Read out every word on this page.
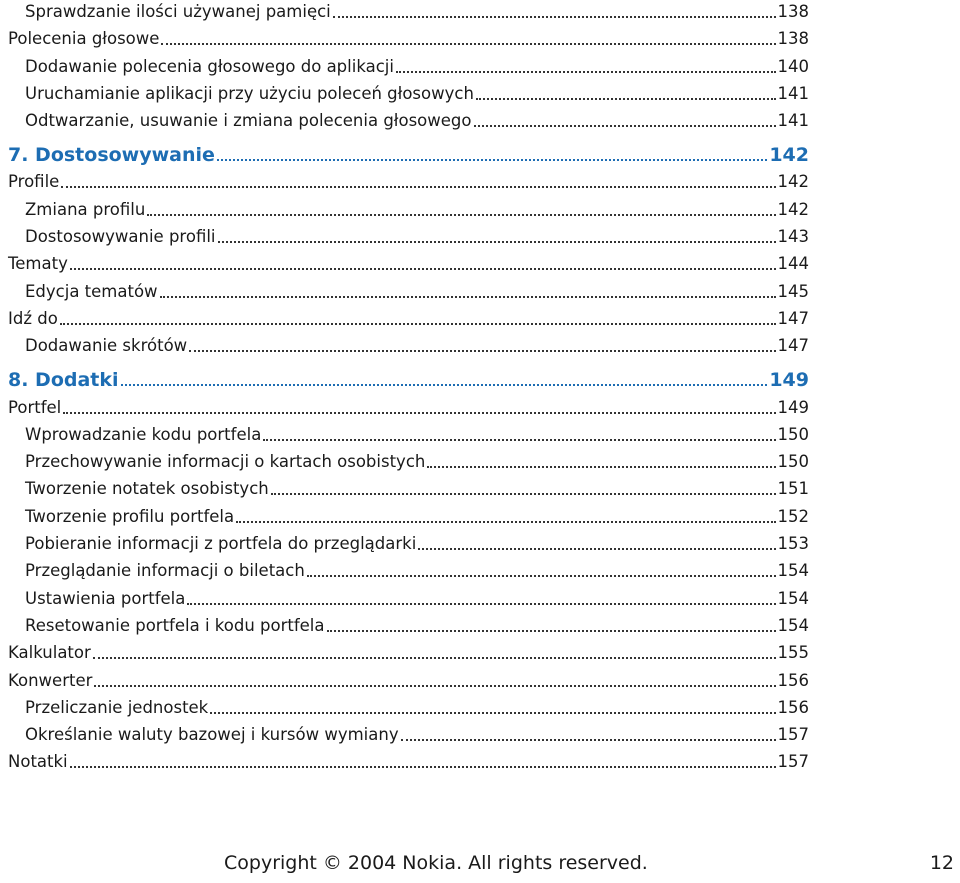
Sprawdzanie ilości używanej pamięci	138
Polecenia głosowe	138
Dodawanie polecenia głosowego do aplikacji	140
Uruchamianie aplikacji przy użyciu poleceń głosowych	141
Odtwarzanie, usuwanie i zmiana polecenia głosowego	141
7. Dostosowywanie	142
Profile	142
Zmiana profilu	142
Dostosowywanie profili	143
Tematy	144
Edycja tematów	145
Idź do	147
Dodawanie skrótów	147
8. Dodatki	149
Portfel	149
Wprowadzanie kodu portfela	150
Przechowywanie informacji o kartach osobistych	150
Tworzenie notatek osobistych	151
Tworzenie profilu portfela	152
Pobieranie informacji z portfela do przeglądarki	153
Przeglądanie informacji o biletach	154
Ustawienia portfela	154
Resetowanie portfela i kodu portfela	154
Kalkulator	155
Konwerter	156
Przeliczanie jednostek	156
Określanie waluty bazowej i kursów wymiany	157
Notatki	157
Copyright © 2004 Nokia. All rights reserved.	12
